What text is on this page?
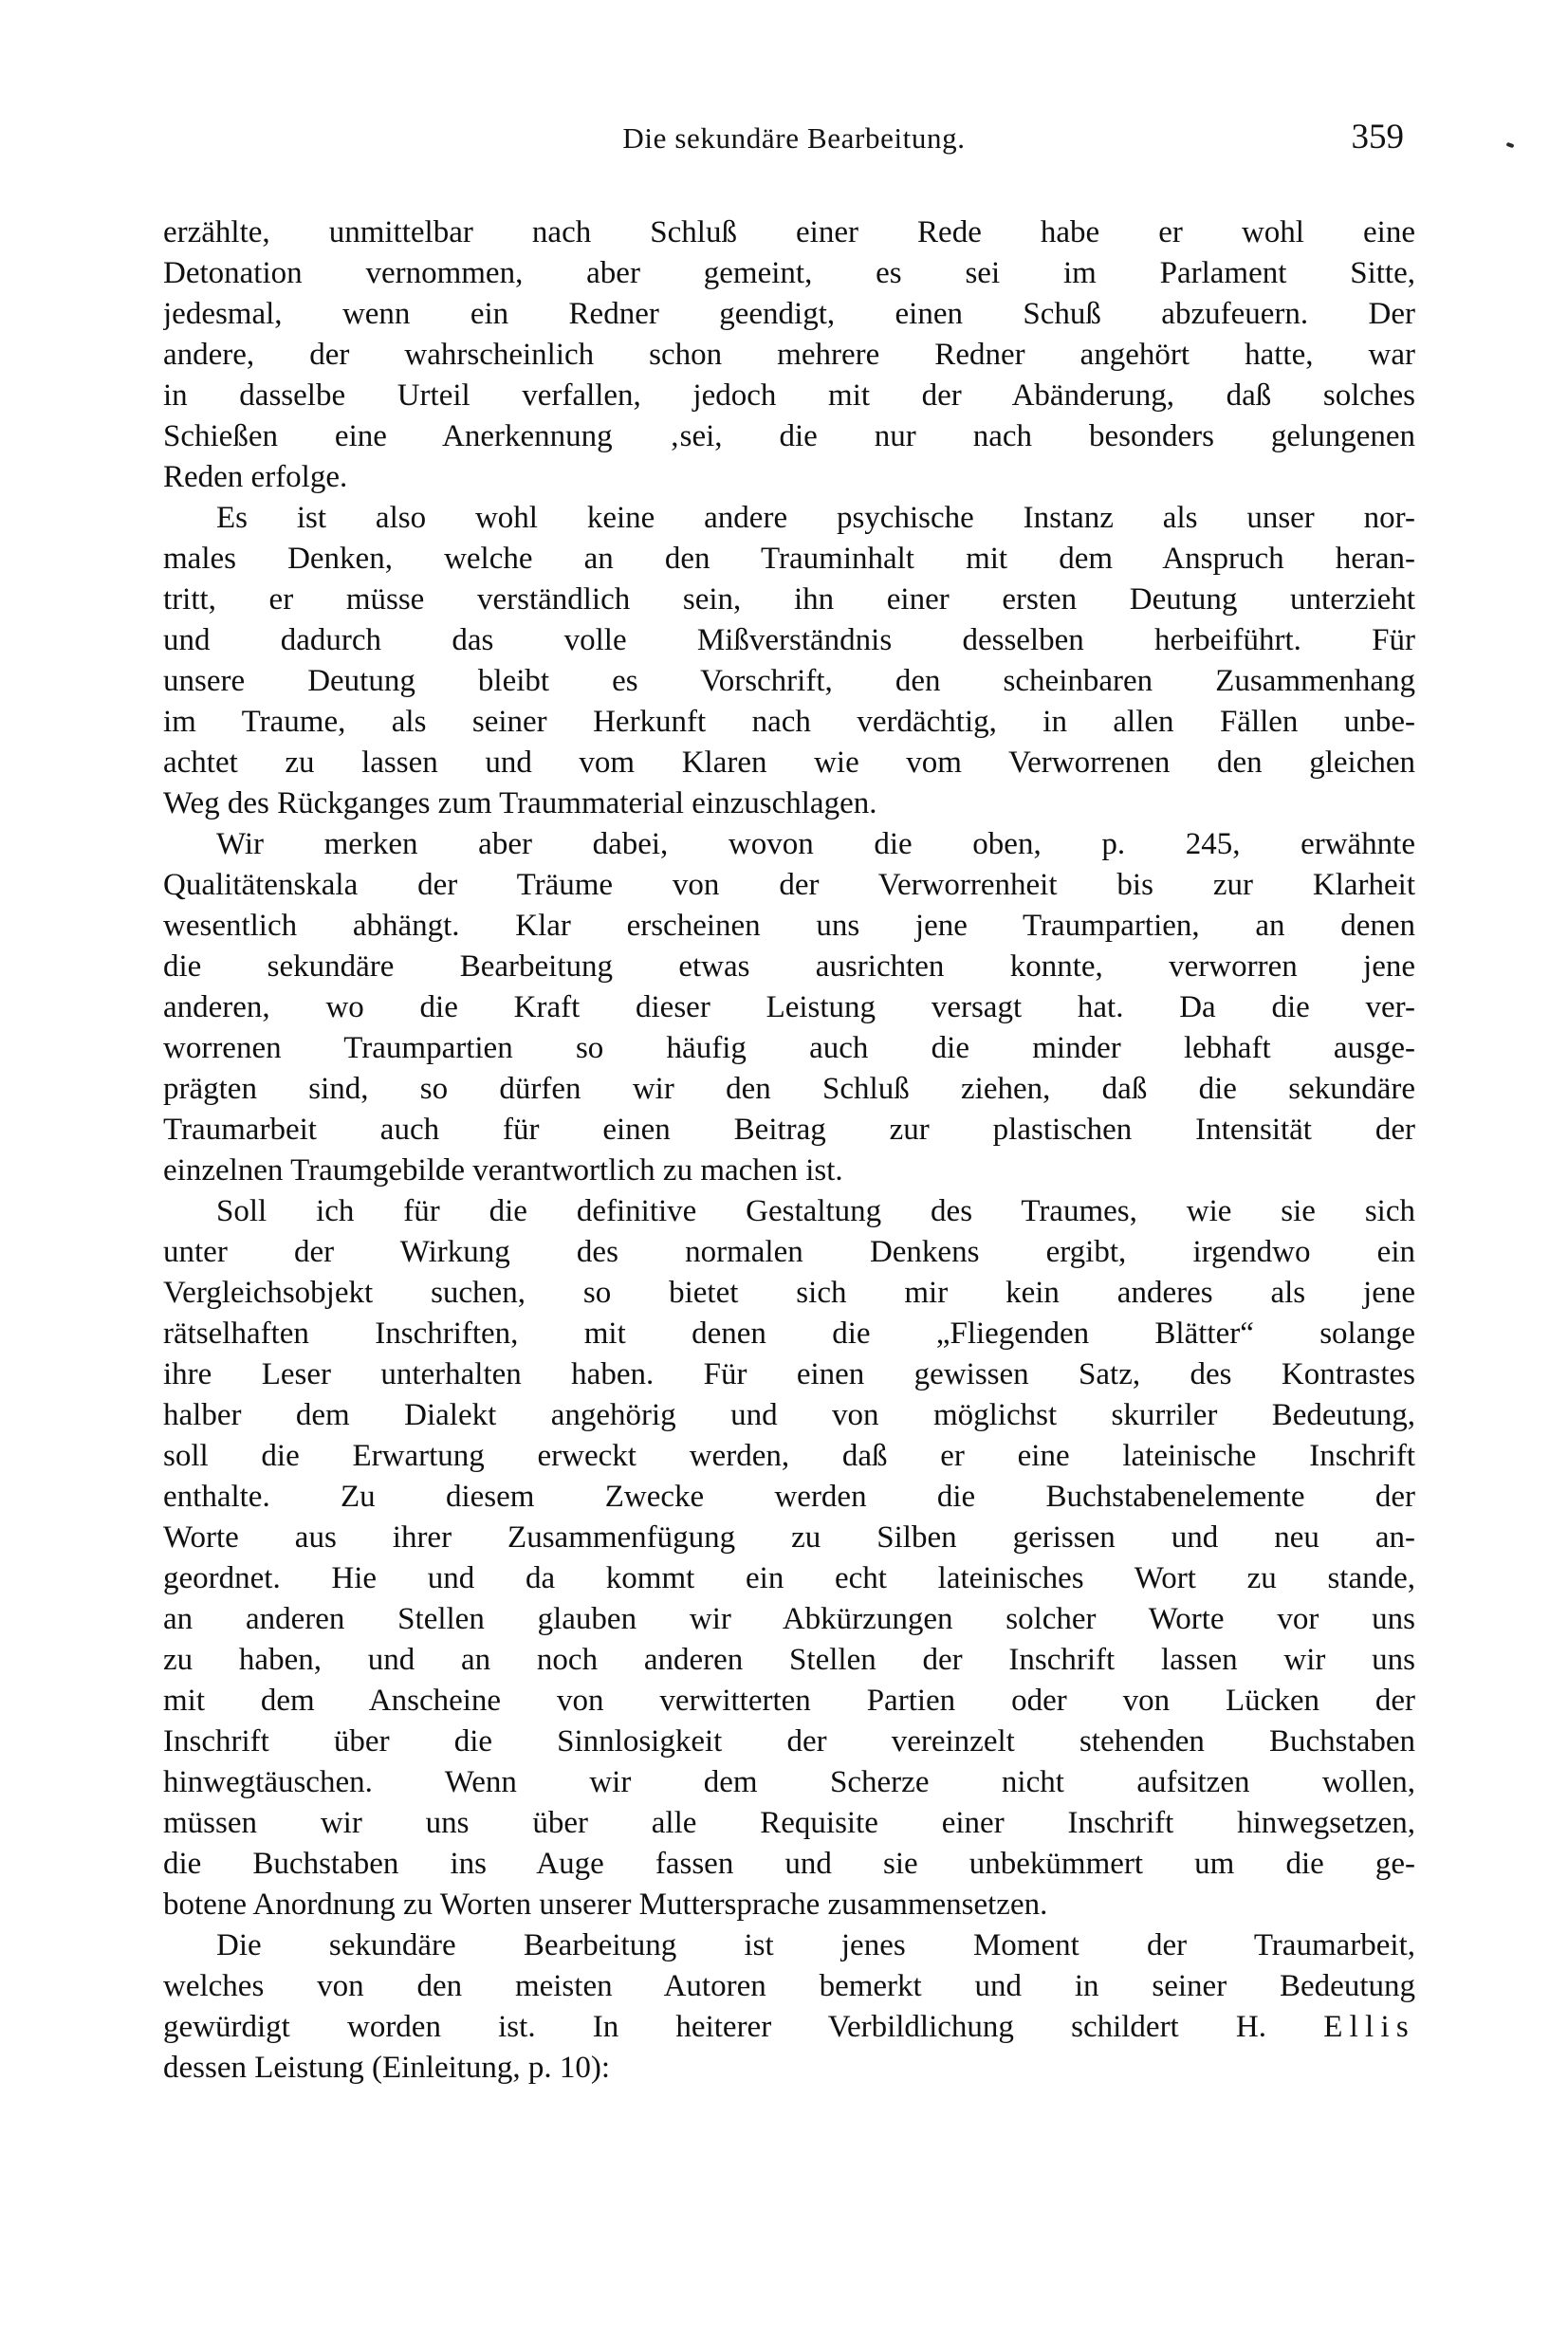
Die sekundäre Bearbeitung.	359
erzählte, unmittelbar nach Schluß einer Rede habe er wohl eine
Detonation vernommen, aber gemeint, es sei im Parlament Sitte,
jedesmal, wenn ein Redner geendigt, einen Schuß abzufeuern. Der
andere, der wahrscheinlich schon mehrere Redner angehört hatte, war
in dasselbe Urteil verfallen, jedoch mit der Abänderung, daß solches
Schießen eine Anerkennung ‚sei, die nur nach besonders gelungenen
Reden erfolge.
Es ist also wohl keine andere psychische Instanz als unser nor-
males Denken, welche an den Trauminhalt mit dem Anspruch heran-
tritt, er müsse verständlich sein, ihn einer ersten Deutung unterzieht
und dadurch das volle Mißverständnis desselben herbeiführt. Für
unsere Deutung bleibt es Vorschrift, den scheinbaren Zusammenhang
im Traume, als seiner Herkunft nach verdächtig, in allen Fällen unbe-
achtet zu lassen und vom Klaren wie vom Verworrenen den gleichen
Weg des Rückganges zum Traummaterial einzuschlagen.
Wir merken aber dabei, wovon die oben, p. 245, erwähnte
Qualitätenskala der Träume von der Verworrenheit bis zur Klarheit
wesentlich abhängt. Klar erscheinen uns jene Traumpartien, an denen
die sekundäre Bearbeitung etwas ausrichten konnte, verworren jene
anderen, wo die Kraft dieser Leistung versagt hat. Da die ver-
worrenen Traumpartien so häufig auch die minder lebhaft ausge-
prägten sind, so dürfen wir den Schluß ziehen, daß die sekundäre
Traumarbeit auch für einen Beitrag zur plastischen Intensität der
einzelnen Traumgebilde verantwortlich zu machen ist.
Soll ich für die definitive Gestaltung des Traumes, wie sie sich
unter der Wirkung des normalen Denkens ergibt, irgendwo ein
Vergleichsobjekt suchen, so bietet sich mir kein anderes als jene
rätselhaften Inschriften, mit denen die „Fliegenden Blätter“ solange
ihre Leser unterhalten haben. Für einen gewissen Satz, des Kontrastes
halber dem Dialekt angehörig und von möglichst skurriler Bedeutung,
soll die Erwartung erweckt werden, daß er eine lateinische Inschrift
enthalte. Zu diesem Zwecke werden die Buchstabenelemente der
Worte aus ihrer Zusammenfügung zu Silben gerissen und neu an-
geordnet. Hie und da kommt ein echt lateinisches Wort zu stande,
an anderen Stellen glauben wir Abkürzungen solcher Worte vor uns
zu haben, und an noch anderen Stellen der Inschrift lassen wir uns
mit dem Anscheine von verwitterten Partien oder von Lücken der
Inschrift über die Sinnlosigkeit der vereinzelt stehenden Buchstaben
hinwegtäuschen. Wenn wir dem Scherze nicht aufsitzen wollen,
müssen wir uns über alle Requisite einer Inschrift hinwegsetzen,
die Buchstaben ins Auge fassen und sie unbekümmert um die ge-
botene Anordnung zu Worten unserer Muttersprache zusammensetzen.
Die sekundäre Bearbeitung ist jenes Moment der Traumarbeit,
welches von den meisten Autoren bemerkt und in seiner Bedeutung
gewürdigt worden ist. In heiterer Verbildlichung schildert H. Ellis
dessen Leistung (Einleitung, p. 10):
